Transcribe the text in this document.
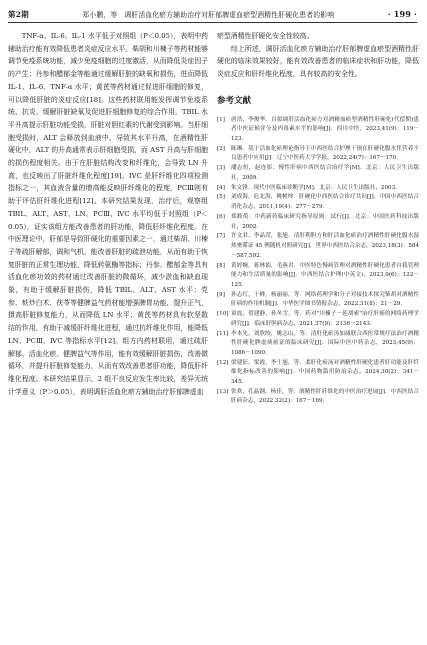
第2期	郑小鹏，等　调肝活血化瘀方辅助治疗对肝郁脾虚血瘀型酒精性肝硬化患者的影响	· 199 ·

TNF-α、IL-6、IL-1 水平低于对照组（P＜0.05），表明中药辅助治疗能有效降低患者炎症反应水平。柴胡和川楝子等药材能够调节免疫系统功能，减少免疫细胞的过度激活，从而降低炎症因子的产生；丹参和醋郁金等能通过缓解肝脏的缺氧和损伤，进而降低IL-1、IL-6、TNF-α 水平；黄芪等药材通过促进肝细胞的修复，可以降低肝脏的炎症反应[18]。这些药材联用能发挥调节免疫系统、抗炎、缓解肝脏缺氧及促进肝细胞修复的综合作用。TBIL 水平升高提示肝脏功能受损，肝脏对胆红素的代谢受到影响。当肝细胞受损时，ALT 会释放到血液中，导致其水平升高，在酒精性肝硬化中，ALT 的升高通常表示肝细胞受损，而 AST 升高与肝细胞的损伤程度相关。由于在肝脏结构改变和纤维化，会导致 LN 升高，也反映出了肝脏纤维化程度[19]。IVC 是肝纤维化四项检测指标之一，其血液含量的增高能反映肝纤维化的程度，PCⅢ则有助于评估肝纤维化进程[12]。本研究结果发现，治疗后，观察组 TBIL、ALT、AST、LN、PCⅢ、ⅣC 水平均低于对照组（P＜0.05），证实该组方能改善患者的肝功能，降低肝纤维化程度。在中医理论中，肝郁是导致肝硬化的重要因素之一，通过柴胡、川楝子等疏肝解郁，调和气机，能改善肝脏的疏泄功能，从而有助于恢复肝脏的正常生理功能，降低转氨酶等指标；丹参、醋郁金等具有活血化瘀功效的药材通过改善肝脏的微循环，减少淤血和缺血现象，有助于缓解肝脏损伤，降低 TBIL、ALT、AST 水平；党参、麸炒白术、茯苓等健脾益气药材能增强脾胃功能，提升正气，摄高肝脏修复能力，从而降低 LN 水平；黄芪等药材具有软坚散结的作用，有助于减缓肝纤维化进程，通过抗纤维化作用，能降低 LN、PCⅢ、ⅣC 等指标水平[12]。组方内药材联用，通过疏肝解郁、活血化瘀、健脾益气等作用，能有效缓解肝脏损伤，改善微循环，并提升肝脏修复能力，从而有效改善患者肝功能，降低肝纤维化程度。本研究结果显示，2 组不良反应发生率比较，差异无统计学意义（P＞0.05），表明调肝活血化瘀方辅助治疗肝郁脾虚血

瘀型酒精性肝硬化安全性较高。

综上所述，调肝活血化瘀方辅助治疗肝郁脾虚血瘀型酒精性肝硬化的临床效果较好，能有效改善患者的临床症状和肝功能，降低炎症反应和肝纤维化程度，具有较高的安全性。

参考文献
[1]	唐浩，李俊华．自拟调肝活血化瘀方对酒精血瘀型酒精性肝硬化(代偿期)患者中医证候评分及内毒素水平的影响[J]．四川中医，2023,41(9)：119－123.
[2]	陈琳．基于活血化瘀理论指导下中西医结合护理干预在肝硬化腹水伴营养不良患者中应用[J]．辽宁中医药大学学报，2022,24(7)：167－170.
[3]	潘志恒，赵连影．慢性肝病中西医结合治疗学[M]．北京：人民卫生出版社，2009.
[4]	朱文锋．现代中医临床诊断学[M]．北京：人民卫生出版社，2003.
[5]	刘成海，危北海，姚树坤．肝硬化中西医结合诊疗共识[J]．中国中西医结合消化杂志，2011,19(4)：277－279.
[6]	郑筱萸．中药新药临床研究指导原则：试行[J]．北京：中国医药科技出版社，2002.
[7]	许文君，李晶滢，张旭．清肝利胆方和肝活血化瘀治疗酒精性肝硬化腹水湿热壅滞证 45 例随机对照研究[J]．世界中西医结合杂志，2023,18(3)：584－587,592.
[8]	黄婷婉，蒋林娟，毛燕君．中医特色慢病管理对酒精性肝硬化患者自我管理能力和生活质量的影响[J]．中西医结合护理(中英文)，2023,9(6)：122－125.
[9]	孙志红，于峰，杨丽丽，等．网络药理学和分子对接技术探究柴胡对酒精性肝病的作用机制[J]．中华医学图书情报杂志，2022,31(8)：21－29.
[10] 童震，贺建静，孙冬雪，等．药对"川楝子－延胡索"治疗肝癌的网络药理学研究[J]．临床肝胆病杂志，2021,37(9)：2136－2143.
[11] 李本先，刘欣皎，姚志山，等．清肝化瘀汤加减联合西医常规疗法治疗酒精性肝硬化脾虚痰瘀证的临床研究[J]．国际中医中药杂志，2023,45(9)：1086－1090.
[12] 梁建征，梁霞，李士旭，等．柔肝化瘀汤对酒精性肝硬化患者肝功能及肝纤维化指标改善的影响[J]．中国药物滥用防治杂志，2024,30(2)：341－345.
[13] 张欢，孔晶钢，杨佳，等．酒精性肝纤维化的中医治疗进展[J]．中西医结合肝病杂志，2022,32(2)：167－169.
